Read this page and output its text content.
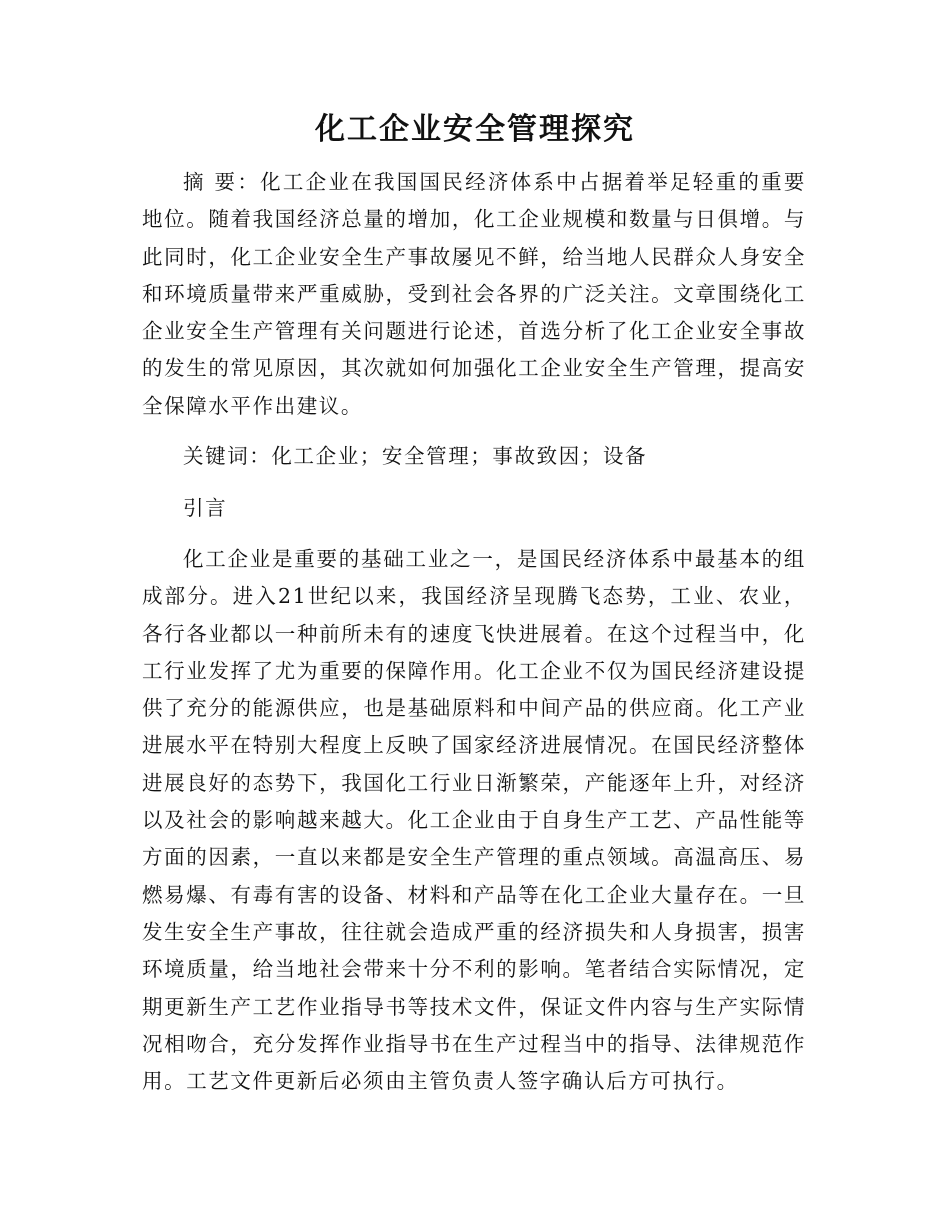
化工企业安全管理探究

摘 要：化工企业在我国国民经济体系中占据着举足轻重的重要地位。随着我国经济总量的增加，化工企业规模和数量与日俱增。与此同时，化工企业安全生产事故屡见不鲜，给当地人民群众人身安全和环境质量带来严重威胁，受到社会各界的广泛关注。文章围绕化工企业安全生产管理有关问题进行论述，首选分析了化工企业安全事故的发生的常见原因，其次就如何加强化工企业安全生产管理，提高安全保障水平作出建议。

关键词：化工企业；安全管理；事故致因；设备

引言

化工企业是重要的基础工业之一，是国民经济体系中最基本的组成部分。进入21世纪以来，我国经济呈现腾飞态势，工业、农业，各行各业都以一种前所未有的速度飞快进展着。在这个过程当中，化工行业发挥了尤为重要的保障作用。化工企业不仅为国民经济建设提供了充分的能源供应，也是基础原料和中间产品的供应商。化工产业进展水平在特别大程度上反映了国家经济进展情况。在国民经济整体进展良好的态势下，我国化工行业日渐繁荣，产能逐年上升，对经济以及社会的影响越来越大。化工企业由于自身生产工艺、产品性能等方面的因素，一直以来都是安全生产管理的重点领域。高温高压、易燃易爆、有毒有害的设备、材料和产品等在化工企业大量存在。一旦发生安全生产事故，往往就会造成严重的经济损失和人身损害，损害环境质量，给当地社会带来十分不利的影响。笔者结合实际情况，定期更新生产工艺作业指导书等技术文件，保证文件内容与生产实际情况相吻合，充分发挥作业指导书在生产过程当中的指导、法律规范作用。工艺文件更新后必须由主管负责人签字确认后方可执行。
